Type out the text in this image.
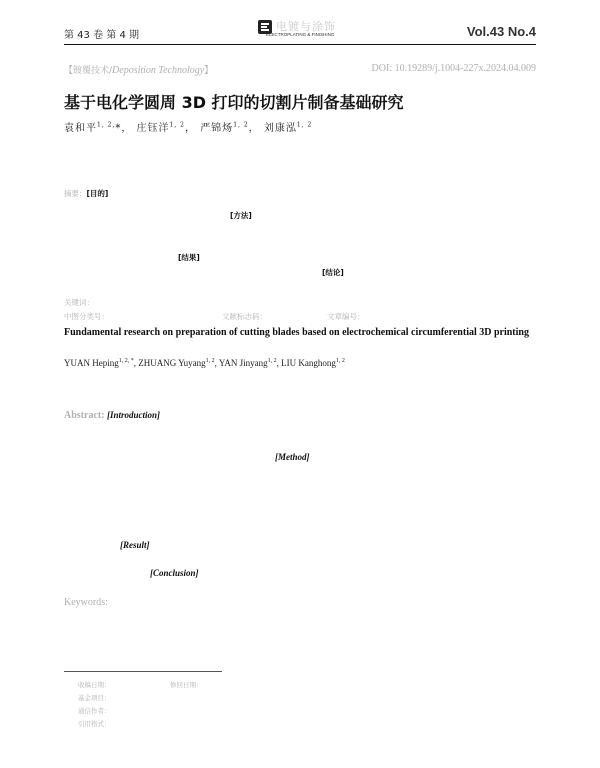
第 43 卷 第 4 期
电镀与涂饰
ELECTROPLATING & FINISHING	Vol.43 No.4
【镀覆技术/Deposition Technology】	DOI: 10.19289/j.1004-227x.2024.04.009
基于电化学圆周 3D 打印的切割片制备基础研究
袁和平$^{1, 2,}$*， 庄钰洋$^{1, 2}$， 严锦炀$^{1, 2}$， 刘康泓$^{1, 2}$
摘要：[目的]
[方法]
[结果]
[结论]
关键词：
中图分类号：	文献标志码：	文章编号：
Fundamental research on preparation of cutting blades based on electrochemical circumferential 3D printing
YUAN Heping$^{1, 2, *}$, ZHUANG Yuyang$^{1, 2}$, YAN Jinyang$^{1, 2}$, LIU Kanghong$^{1, 2}$
Abstract: [Introduction]
[Method]
[Result]
[Conclusion]
Keywords:
收稿日期：	修回日期：
基金项目：
通信作者：
引用格式：
